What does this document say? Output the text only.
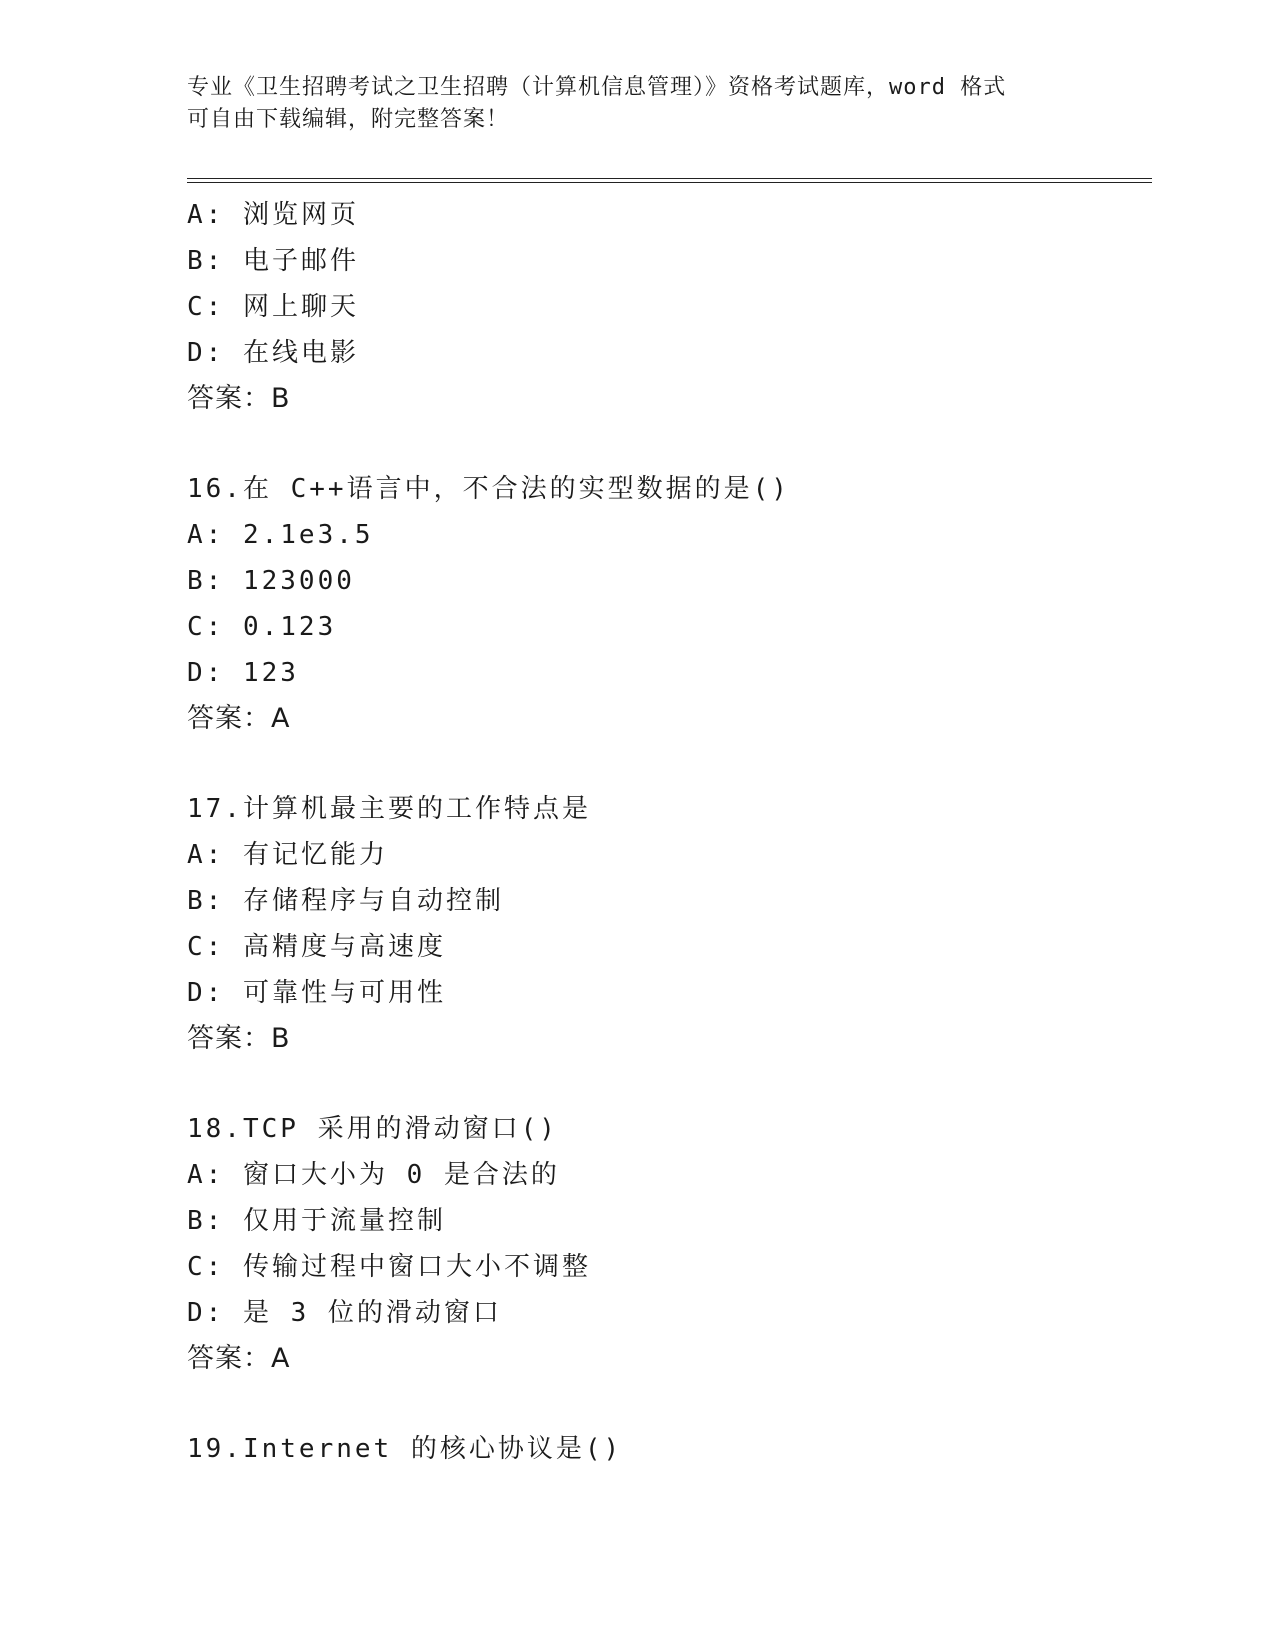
专业《卫生招聘考试之卫生招聘（计算机信息管理）》资格考试题库，word 格式
可自由下载编辑，附完整答案！
A: 浏览网页
B: 电子邮件
C: 网上聊天
D: 在线电影
答案：B
16.在 C++语言中，不合法的实型数据的是()
A: 2.1e3.5
B: 123000
C: 0.123
D: 123
答案：A
17.计算机最主要的工作特点是
A: 有记忆能力
B: 存储程序与自动控制
C: 高精度与高速度
D: 可靠性与可用性
答案：B
18.TCP 采用的滑动窗口()
A: 窗口大小为 0 是合法的
B: 仅用于流量控制
C: 传输过程中窗口大小不调整
D: 是 3 位的滑动窗口
答案：A
19.Internet 的核心协议是()
